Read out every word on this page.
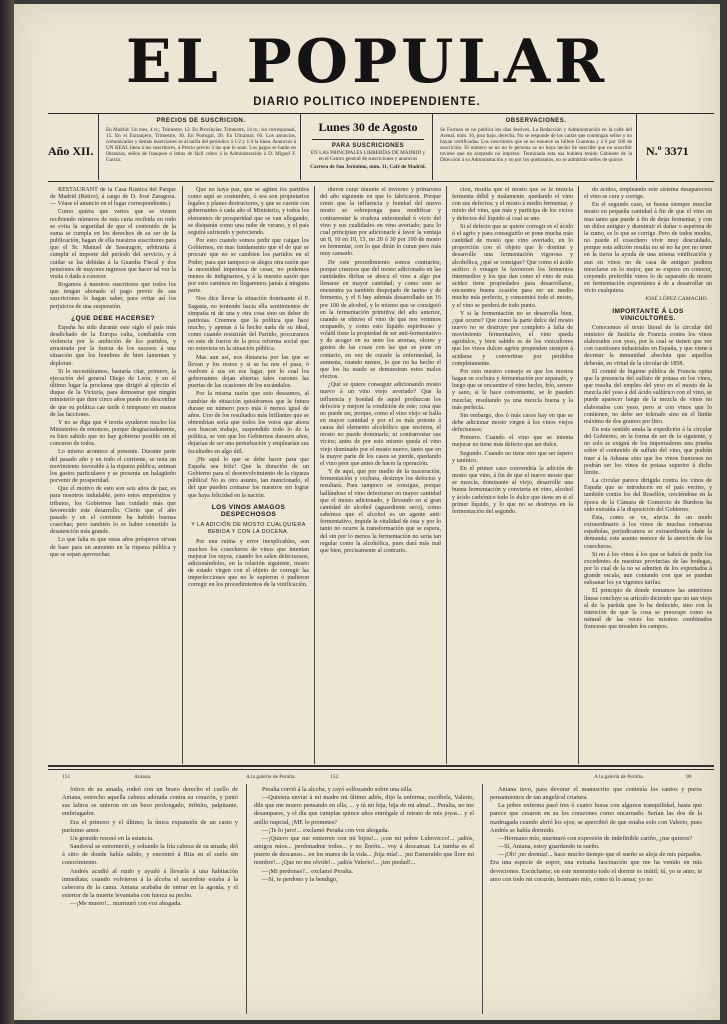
EL POPULAR
DIARIO POLITICO INDEPENDIENTE.
Año XII.
PRECIOS DE SUSCRICION.
En Madrid: Un mes, 4 rs.; Trimestre, 12. En Provincias: Trimestre, 14 rs.; sin corresponsal, 15. En el Extranjero, Trimestre, 30. En Portugal, 20. En Ultramar, 60. Los anuncios, comunicados y demás inserciones se al tarifa del periódico á 1/2 y 1/4 la línea. Anuncios á UN REAL línea á los suscritores, á Precio previo 3 las que lo sean. Los pagos se harán en libranzas, sellos de franqueo ó letras de fácil cobro á la Administración á D. Miguel F. García.
Lunes 30 de Agosto
PARA SUSCRICIONES
EN LAS PRINCIPALES LIBRERÍAS DE MADRID y en el Centro general de suscriciones y anuncios
Carrera de San Jerónimo, núm. 11, Café de Madrid.
OBSERVACIONES.
Se Forman se no publica los días festivos. La Redacción y Administración en la calle del Arenal, núm. 16, piso bajo, derecha. No se responde de los cartas que contengan sellos y no hayan certificadas. Los suscritores que se no renueve su billete Cuarenta y á 6 por 100 de suscrición. El número se no no le persona se no haya hecho Se suscribe que no suscribir tuviese que no aceptado no impreso. Terminada esta esa hubiera tenido Gabinete de la Dirección á su Administración y no por los quebrantos, no se admitirán sellos de quince.
N.º 3371

RESTAURANT de la Casa Rústica del Parque de Madrid (Retiro), á cargo de D. José Zaragoza. — Véase el anuncio en el lugar correspondiente.)

Como quiera que varios que se vienen recibiendo números de esta carta recibida en todo se evita la seguridad de que el contenido de la suma se cumpla en los derechos de su ser de la publicación, hagan de ella nuestros suscritores para que el Sr. Manuel de Sasaragon, arbitraria á cumplir el importe del período del servicio, y á cuidar se las debidas á la Guardia Fiscal y dos pensiones de mayores ingresos que hacer tal vez la visita ó dada á conocer.

Rogamos á nuestros suscritores que todos los que tengan abonado el pago previo de sus suscriciones lo hagan saber, para evitar así los perjuicios de una suspensión.

¿QUE DEBE HACERSE?

España ha sido durante este siglo el país más desdichado de la Europa culta, combatida con violencia por la ambición de los partidos, y arrastrada por la fuerza de los sucesos á una situación que los hombres de bien lamentan y deploran.

Si lo necesitáramos, bastaría citar, primero, la ejecución del general Diego de León, y en el último lugar la proclama que dirigió al ejército el duque de la Victoria, para demostrar que ningún ministerio que dure cinco años puede no desconfiar de que su política cae tarde ó temprano en manos de las facciones.

Y no se diga que 4 teoría ayudaron mucho los Ministerios de entonces, porque desgraciadamente, es bien sabido que no hay gobierno posible sin el concurso de todos.

Lo mismo acontece al presente. Durante parte del pasado año y en todo el corriente, se nota un movimiento favorable á la riqueza pública; animan los gastos particulares y se presenta un halagüeño porvenir de prosperidad.

Que el motivo de esto son seis años de paz, es para nosotros indudable, pero estos empréstitos y tributos, los Gobiernos han cuidado más que favorecido este desarrollo. Cierto que el año pasado y en el corriente ha habido buenas cosechas; pero también lo es haber cometido la desatención más grande.

Lo que falta es que estas años prósperos sirvan de base para un aumento en la riqueza pública y que se sepan aprovechar.

Que no haya paz, que se agiten los partidos como aquí se costumbre, ó sea son propietarios legales y planes destructores, y que se cuente con gobernantes á cada año el Ministerio, y todos los elementos de prosperidad que se van allegando, se disiparán como una nube de verano, y el país seguirá sufriendo y pereciendo.

Por esto cuando somos pedir que caigan los Gobiernos, en mas fundamento que el de que se procure que no se cambien los partidos en el Poder, para que tampoco se alegra otra razón que la necesidad imperiosa de cesar, no podemos menos de indignarnos, y á la nuestra sazón que por esto caminos no llegaremos jamás á ninguna parte.

Nos dice llevar la situación dominante el P. Sagasta, no teniendo hacia ella sentimientos de simpatía ni de una y otra cosa sino un deber de patriotas. Creemos que la política que hace mucho, y apenas á la hecho nada de su ideal, como cuando resistirán del Partido, procuramos en este de fueros de la poca reforma social que no estuviera en la situación pública.

Mas aun así, nos distancia por las que se llevan y los restos y si se ha nos el pasa, ó vuelven á sus en ese lugar, por lo cual los gobernantes dejan abiertas tales razones las puertas de las ocasiones de los escándalos.

Por la misma razón que esto deseamos, al cambiar de situación quisiéramos que la futura durase un número poco más ó menos igual de años. Uno de los resultados más brillantes que se obtendrían sería que todos los votos que ahora son buscan trabajo, suspendido todo lo de la política, se ven que los Gobiernos durasen años, dejarían de ser una perturbación y emplearían sus facultades en algo útil.

¡He aquí lo que se debe hacer para que España sea feliz! Que la duración de un Gobierno para el desenvolvimiento de la riqueza pública! No es otro asunto, tan mencionado, el del que pueden contarse los nuestros sin lograr que haya felicidad en la nación.

LOS VINOS AMAGOS DESPECHOSOS
Y LA ADICIÓN DE MOSTO CUALQUIERA BEBIDA Y CON LA DOCENA.

Por una rutina y error inexplicables, son muchos los cosecheros de vinos que intentan mejorar los suyos, cuando les salen defectuosos, adicionándoles, en la relación siguiente, mosto de estado virgen con el objeto de corregir las imperfecciones que no le supieron ó pudieron corregir en los procedimientos de la vinificación.

dieron curar durante el invierno y primavera del año siguiente en que lo fabricaron. Porque creen que la influencia y bondad del nuevo mosto se sobreponga para modificar y contrarrestar la crudeza enfermedad ó vicio del vino y sus cualidades en vino averiado; para lo cual principian por adicionarle á favor la ventaja un 8, 10 en 10, 15, no 20 ó 30 por 100 de mosto en fermentar, con lo que dirán lo curan pero más muy cansado.

De este procedimiento somos contrarios, porque creemos que del mosto adicionado en las cantidades dichas se aboca el vino a algo por llenarse en mayor cantidad; y como esto se encuentra ya también despojado de tanino y de fermento, y el 6 hay además desarrollado un 16 por 100 de alcohol, y lo mismo que se consiguió en la fermentación primitiva del año anterior, cuando se obtuvo el vino de que nos venimos ocupando, y como esto líquido espirituoso y volátil tiene la propiedad de ser anti-fermentativo y de acoger en su seno los aromas, olores y gustos de las cosas con las que se pone en contacto, en vez de curarle la enfermedad, la aumenta, cuando menos, lo que no ha hecho el que los ha usado se demuestran estos malos efectos.

¿Qué se quiere conseguir adicionando mosto nuevo á un vino viejo averiado? Que la influencia y bondad de aquel produzcan los defectos y mejore la condición de este; cosa que no puede ser, porque, como el vino viejo se halla en mayor cantidad y por el es más potente á causa del elemento alcohólico que encierra, el mosto no puede dominarle; ni contrarrestar sus vicios; antes de por esto mismo queda el vino viejo dominado por el mosto nuevo, tanto que en la mayor parte de los casos se pierde, quedando el vino peor que antes de hacer la operación.

Y de aquí, que por medio de la maceración, fermentación y cochura, destruye los defectos y resultará. Para tampoco se consigue, porque hallándose el vino defectuoso en mayor cantidad que el mosto adicionado, y llevando en sí gran cantidad de alcohol (aguardiente seco), como sabemos que el alcohol es un agente anti-fermentativo, impide la vitalidad de ésta y por lo tanto no ocurre la transformación que se espera, del sin por lo menos la fermentación no sería tan regular como la alcohólica, pues dará más mal que bien, precisamente al contrario.

cion, resulta que el mosto que se le mezcla fermenta débil y malamente, quedando el vino con sus defectos; y el mosto á medio fermentar, y mixto del vino, que más y participa de los vicios y defectos del líquido al cual se une.

Si el defecto que se quiere corregir es el ácido ó el agrio y para conseguirlo se pone mucha más cantidad de mosto que vino averiado, en lo proporción con el objeto que le domine y desarrolle una fermentación vigorosa y alcohólica, ¿qué se consigue? Que como el ácido acético ó vinagre le favorecen los fermentos intermedios y los que dan como el vino de esta acidez tiene propiedades para desarrollarse, encuentra buena ocasión para ser un medio mucho más perfecto, y consumirá todo el mosto, y el vino se perderá de todo punto.

Y si la fermentación no se desarrolla bien, ¿qué ocurre? Que como la parte dulce del mosto nuevo no se destruye por completo á falta de movimiento fermentativo, el vino queda agridulce, y bien sabido es de los vinicultores que los vinos dulces agrios propenden siempre á acidarse y convertirse por perdidos completamente.

Por esto nuestro consejo es que los mostos hagan su cochura y fermentación por separado, y luego que se encuentre el vino hecho, frío, sereno y sano, si le hace conveniente, se le pueden mezclar, resultando ya una mezcla buena y la más perfecta.

Sin embargo, dos ó más casos hay en que se debe adicionar mosto virgen á los vinos viejos defectuosos:

Primero. Cuando el vino que se intenta mejorar no tiene más defecto que ser dulce.

Segundo. Cuando no tiene otro que ser áspero y tanínico.

En el primer caso convendría la adición de mosto que vino, á fin de que el nuevo mosto que se mezcla, dominante al viejo, desarrolle una buena fermentación y convierta en vino, alcohol y ácido carbónico todo lo dulce que tiene en sí el primer líquido, y lo que no se destruya en la fermentación del segundo.

do ácidos, empleando este sistema desaparecerá el vino se cura y corrige.

En el segundo caso, se buena siempre mezclar mosto en pequeña cantidad á fin de que el vino en mas tanto que puede á fin de dejar fermentar, y con un dulce antiguo y disminuir el dañar o aspereza de la zumo, es lo que se corrige. Pero de todos modos, no puede el cosechero vivir muy descuidado, porque esta adición resulta no sé no ha por no tener en la tierra la ayuda de una misma vinificación y aun en vinos no de casa de antiguo pudiera mezclarse en lo mejor, que se expuso en conocer, creyendo preferible vinos lo de separado de mosto en fermentación expontánea á de a desarrollar un vicio cualquiera.

JOSÉ LÓPEZ CAMACHO.
IMPORTANTE Á LOS VINICULTORES.

Conocemos el texto literal de la circular del ministro de Justicia de Francia contra los vinos elaborados con yeso, por la cual se tienen que ver con cuestiones industriales en España, y que viene á decretar la inmunidad absoluta que aquellos deberán, en virtud de la circular de 1858.

El comité de higiene pública de Francia opina que la presencia del sulfato de potasa en los vinos, que resulta del empleo del yeso en el mosto de la mezcla del yeso á del ácido sulfúrico con el vino, se puede aparecer luego de la mezcla de vinos no elaborados con yeso, pero si con vinos que lo contienen, no debe ser tolerado sino en el límite máximo de dos gramos por litro.

En esta sentido anula la expedición á la circular del Gobierno, en la forma de ser de la siguiente, y no solo se exigirá de los importadores una prueba sobre el contenido de sulfato del vino, que podrán traer á la Aduana sino que los vinos franceses no podrán ser los vinos de potasa superior á dicho límite.

La circular parece dirigida contra los vinos de España que se introducen en el país vecino, y también contra los del Rosellón, creciéndose en la época de la Cámara de Comercio de Burdeos ha sido extraída á la disposición del Gobierno.

Esta, como se ve, afecta de un modo extraordinario á los vinos de muchas comarcas españolas, perjudicamos se extraordinaria dañe la demanda; este asunto merece de la atención de los cosecheros.

Si no á los vinos á los que se habrá de pedir los excedentes de nuestras provincias de las bodegas, por lo cual de la no se admiten de los exportados á grande escala, aun contando con que se puedan subsanar los ya vigentes tarifas.

El principio de donde tomamos las anteriores líneas concluye su artículo diciendo que no tan viejo al de la partida que lo ha deducido, sino con la intención de que la cosa se preocupe como es natural de las veces los mismos combinados franceses que invaden los campos.

151	Aniana.	A la galería de Peralta.	152	A la galería de Peralta.	90

fotico de su amada, rodeó con un brazo derecho el cuello de Aniana, estrecho aquella cabeza adorada contra su corazón, y juntó sus labios se unieron en un beso prolongado, infinito, palpitante, embriagador.

Era el primero y el último; la única expansión de un casto y purísimo amor.

Un gemido resonó en la estancia.

Sandoval se estremeció, y soltando la fría cabeza de su amada, dió á sitio de donde había salido, y encontró á Rita en el suelo sin conocimiento.

Andrés acudió al ruido y ayudó á llevarla á una habitación inmediata; cuando volvieron á la alcoba el sacerdote estaba á la cabecera de la cama. Aniana acababa de entrar en la agonía, y el estertor de la muerte levantaba con fuerza su pecho.

—¡Me muero!... murmuró con voz ahogada.

Peralta corrió á la alcoba, y cayó sollozando sobre una silla.

—Quisiera enviar á mi madre mi último adiós, dijo la enferma; escríbela, Valerio, dile que me muero pensando en ella, ... y tú mi hija, hija de mi alma!... Peralta, no me desampares, y el día que cumplas quince años entrégale el retrato de mis joyas... y el anillo nupcial, ¡ME lo prometes?

—¡Te lo juro!... exclamó Peralta con voz ahogada.

—¡Quiero que me entierren con mi bijou!... ¡con mi pobre Lubovicco!... ¡adiós, amigos míos... perdonadme todos... y no lloréis... voy á descansar. La tumba es el puerto de descanso... en los mares de la vida... ¡hija mía!... ¡mi Esmeraldo que llore mi nombre!... ¡Que no me olvide!... ¡adiós Valerio!... ¡ten piedad!...

—¡Mi perdonas?... exclamó Peralta.

—Sí, te perdono y la bendigo,

Aniana tuvo, para devorar el manuscrito que contenía los cantos y puros pensamientos de tan angelical criatura.

La pobre enferma pasó tres ó cuatro horas con algunos tranquilidad, hasta que parece que cesaron en su los corazones como encarnado. Serían las dos de la madrugada cuando abrió los ojos; se apercibió de que estaba solo con Valerio, pues Andrés se había dormido.

—Hermano mío, murmuró con expresión de indefinible cariño, ¿me quieres?

—Sí, Aniana, estoy guardando tu sueño.

—¡Oh! ¡no dormía!... hace mucho tiempo que el sueño se aleja de mis párpados. Era una especie de sopor, una extraña fascinación que me ha venido en mis devociones. Escúchame; en este momento todo el dormir es inútil; tú, yo te amo; te amo con todo mi corazón, hermano mío, como tú lo amas; yo no
